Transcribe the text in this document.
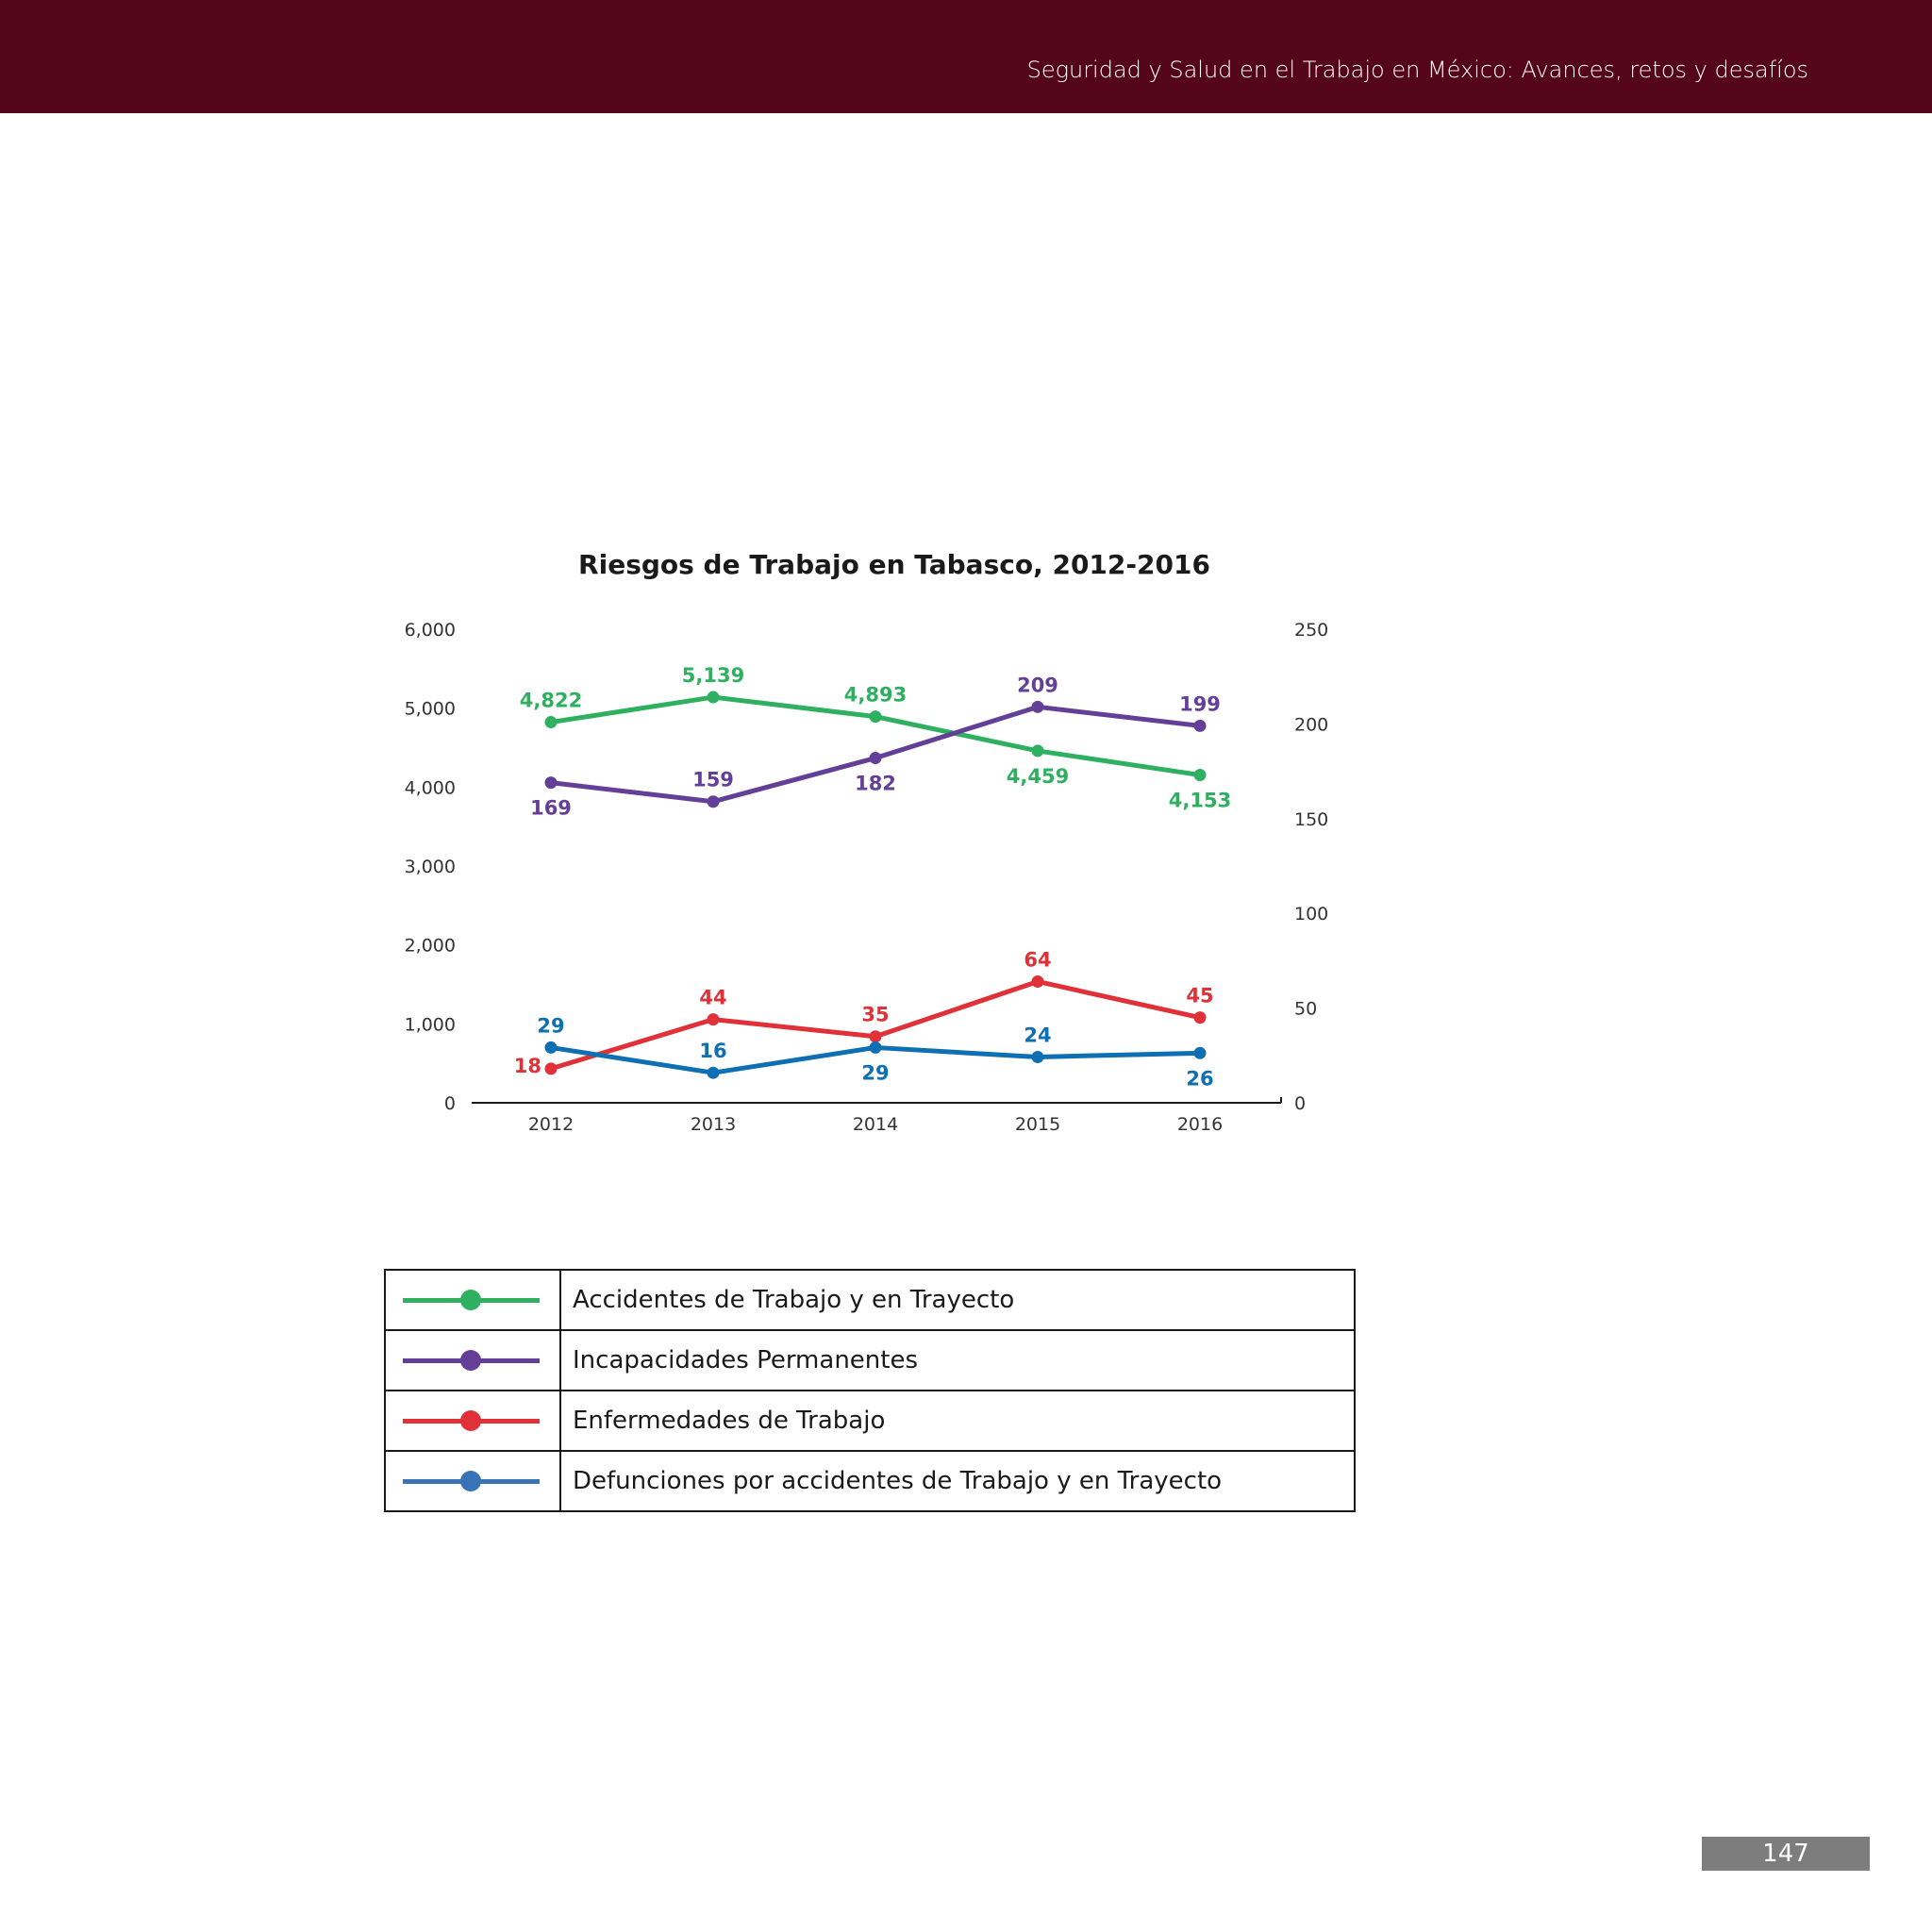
Seguridad y Salud en el Trabajo en México: Avances, retos y desafíos
Riesgos de Trabajo en Tabasco, 2012-2016
0
1,000
2,000
3,000
4,000
5,000
6,000
0
50
100
150
200
250
2012	2013	2014	2015	2016
4,822
5,139
4,893
4,459
4,153
169
159	182
209
199
18
44
35
64
45
29
16
29
24
26
	Accidentes de Trabajo y en Trayecto

	Incapacidades Permanentes

	Enfermedades de Trabajo

	Defunciones por accidentes de Trabajo y en Trayecto
147
